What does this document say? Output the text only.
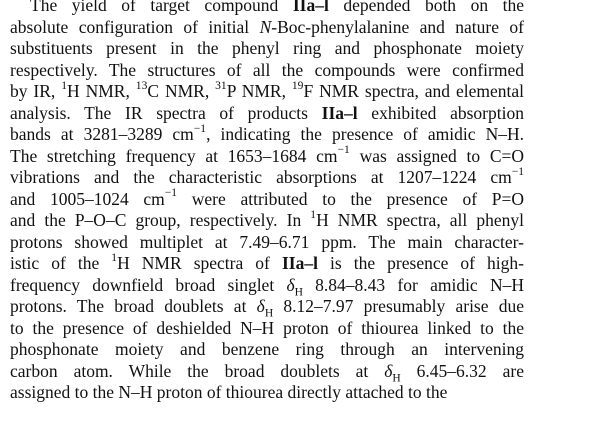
The yield of target compound IIa–l depended both on the
absolute configuration of initial N-Boc-phenylalanine and nature of
substituents present in the phenyl ring and phosphonate moiety
respectively. The structures of all the compounds were confirmed
by IR, $^1$H NMR, $^{13}$C NMR, $^{31}$P NMR, $^{19}$F NMR spectra, and elemental
analysis. The IR spectra of products IIa–l exhibited absorption
bands at 3281–3289 $cm^{-1}$, indicating the presence of amidic N–H.
The stretching frequency at 1653–1684 $cm^{-1}$ was assigned to C=O
vibrations and the characteristic absorptions at 1207–1224 $cm^{-1}$
and 1005–1024 $cm^{-1}$ were attributed to the presence of P=O
and the P–O–C group, respectively. In $^1$H NMR spectra, all phenyl
protons showed multiplet at 7.49–6.71 ppm. The main character-
istic of the $^1$H NMR spectra of IIa–l is the presence of high-
frequency downfield broad singlet $\delta_H$ 8.84–8.43 for amidic N–H
protons. The broad doublets at $\delta_H$ 8.12–7.97 presumably arise due
to the presence of deshielded N–H proton of thiourea linked to the
phosphonate moiety and benzene ring through an intervening
carbon atom. While the broad doublets at $\delta_H$ 6.45–6.32 are
assigned to the N–H proton of thiourea directly attached to the
